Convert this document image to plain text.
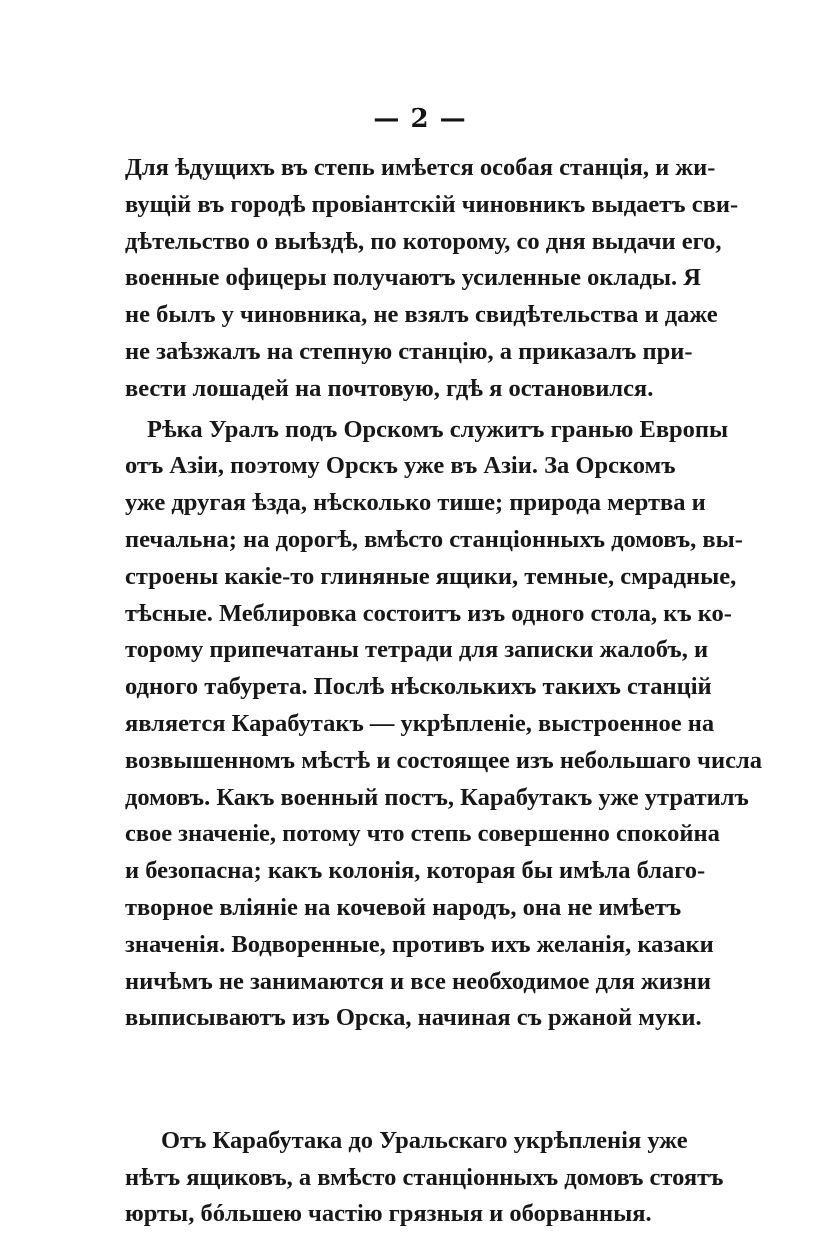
— 2 —
Для ѣдущихъ въ степь имѣется особая станція, и жи-
вущій въ городѣ провіантскій чиновникъ выдаетъ сви-
дѣтельство о выѣздѣ, по которому, со дня выдачи его,
военные офицеры получаютъ усиленные оклады. Я
не былъ у чиновника, не взялъ свидѣтельства и даже
не заѣзжалъ на степную станцію, а приказалъ при-
вести лошадей на почтовую, гдѣ я остановился.
Рѣка Уралъ подъ Орскомъ служитъ гранью Европы
отъ Азіи, поэтому Орскъ уже въ Азіи. За Орскомъ
уже другая ѣзда, нѣсколько тише; природа мертва и
печальна; на дорогѣ, вмѣсто станціонныхъ домовъ, вы-
строены какіе-то глиняные ящики, темные, смрадные,
тѣсные. Меблировка состоитъ изъ одного стола, къ ко-
торому припечатаны тетради для записки жалобъ, и
одного табурета. Послѣ нѣсколькихъ такихъ станцій
является Карабутакъ — укрѣпленіе, выстроенное на
возвышенномъ мѣстѣ и состоящее изъ небольшаго числа
домовъ. Какъ военный постъ, Карабутакъ уже утратилъ
свое значеніе, потому что степь совершенно спокойна
и безопасна; какъ колонія, которая бы имѣла благо-
творное вліяніе на кочевой народъ, она не имѣетъ
значенія. Водворенные, противъ ихъ желанія, казаки
ничѣмъ не занимаются и все необходимое для жизни
выписываютъ изъ Орска, начиная съ ржаной муки.
Отъ Карабутака до Уральскаго укрѣпленія уже
нѣтъ ящиковъ, а вмѣсто станціонныхъ домовъ стоятъ
юрты, бóльшею частію грязныя и оборванныя.
